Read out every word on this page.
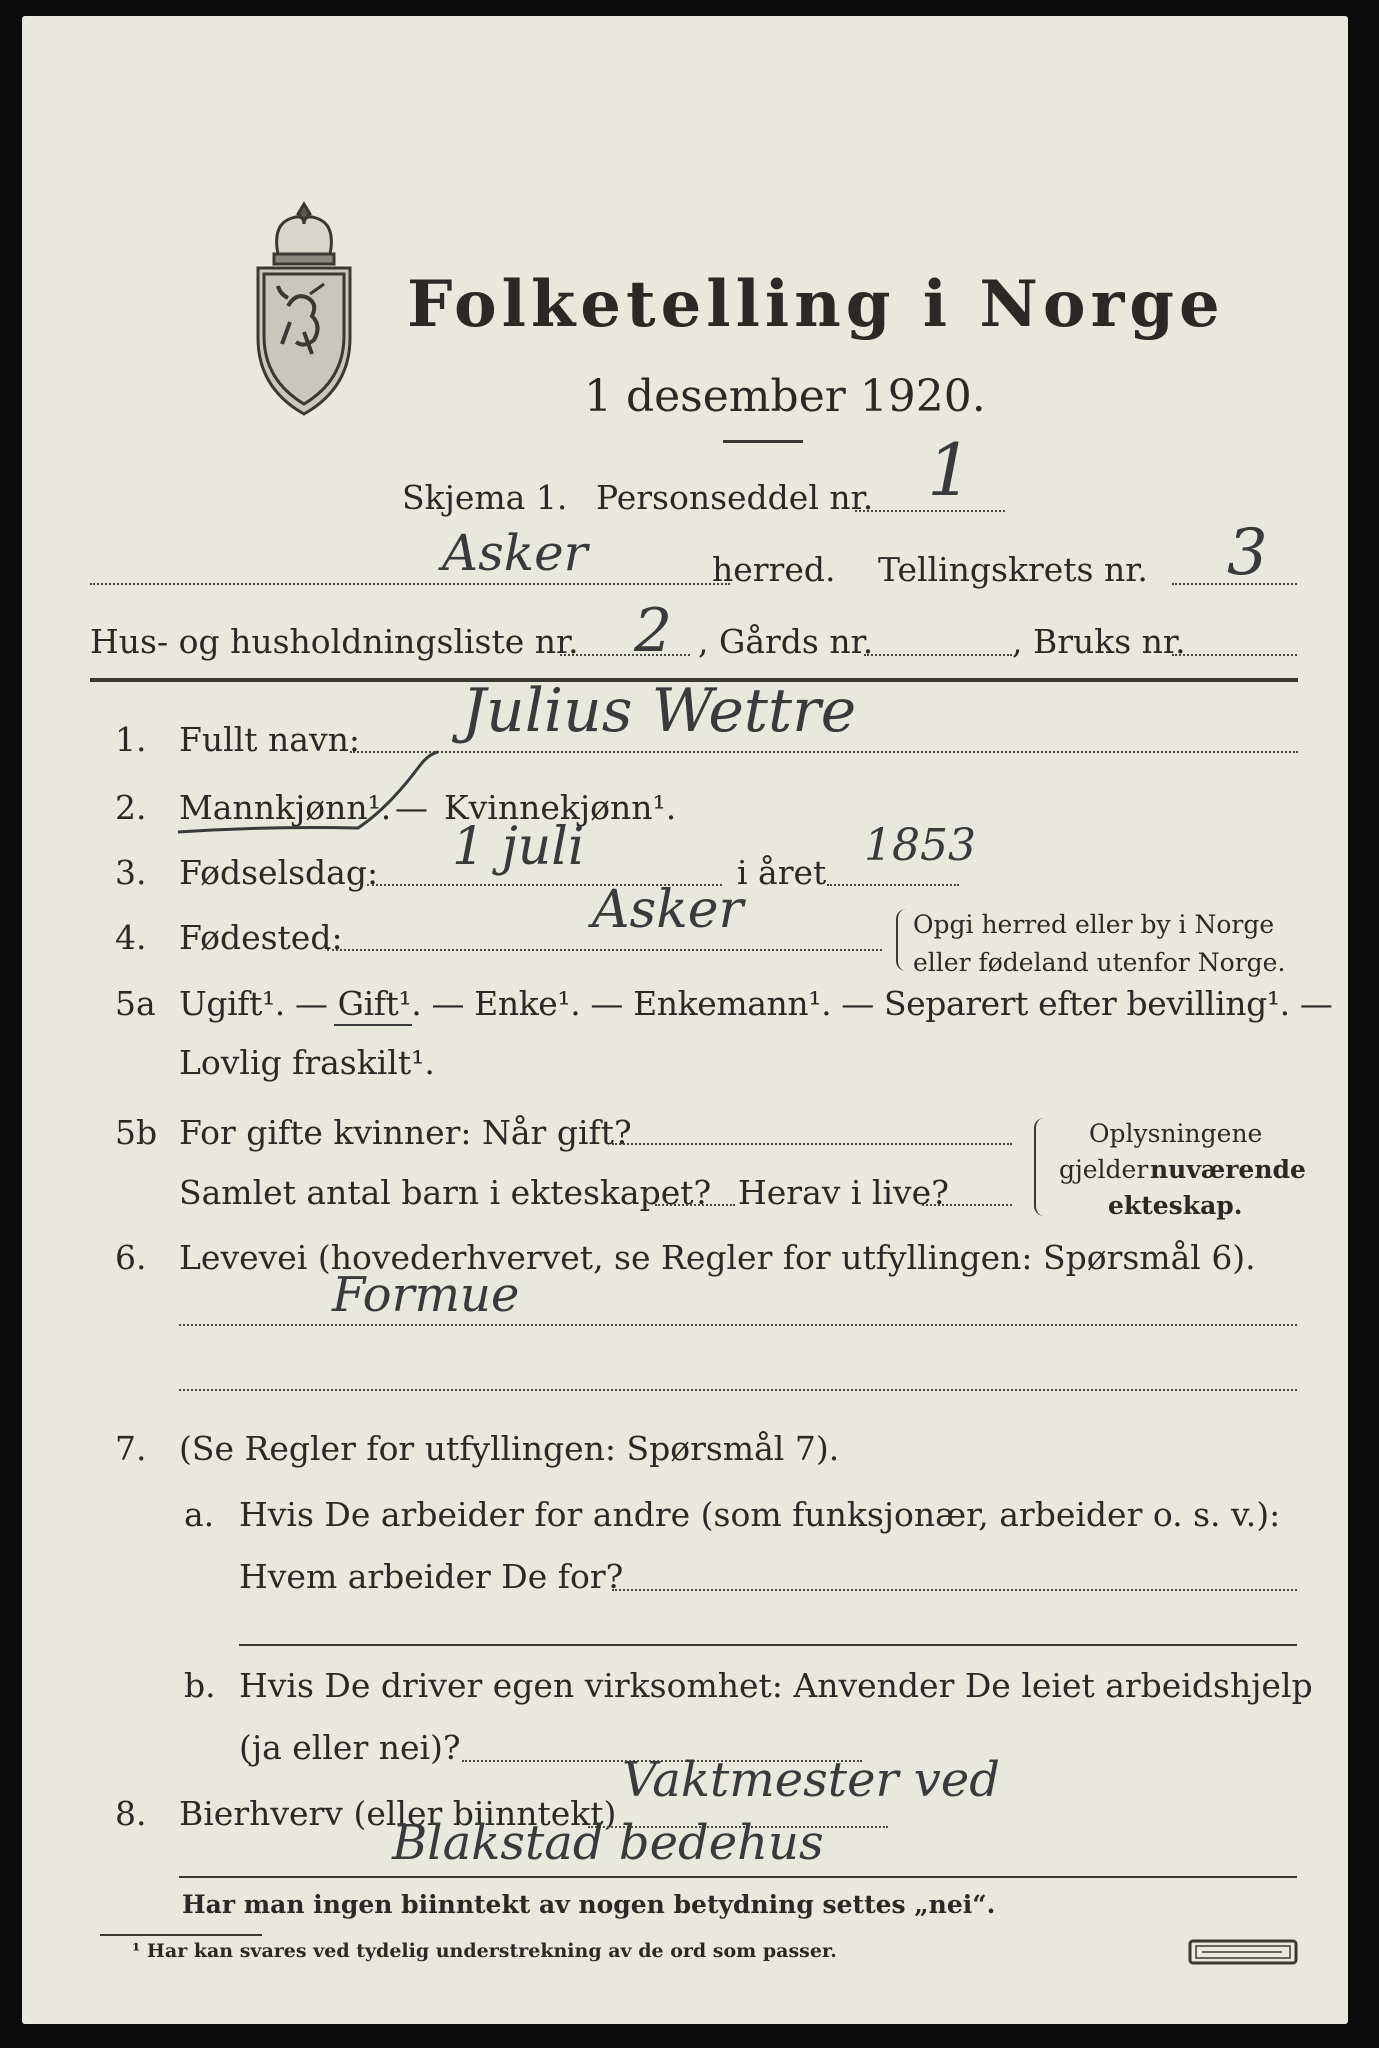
Folketelling i Norge
1 desember 1920.
Skjema 1. Personseddel nr. 1
Asker	herred. Tellingskrets nr. 3
Hus- og husholdningsliste nr. 2 , Gårds nr.	, Bruks nr.
1. Fullt navn: Julius Wettre
2. Mannkjønn¹. — Kvinnekjønn¹.
3. Fødselsdag: 1 juli	i året
1853
4. Fødested:	Asker	Opgi herred eller by i Norge
eller fødeland utenfor Norge.
5a Ugift¹. — Gift¹. — Enke¹. — Enkemann¹. — Separert efter bevilling¹. —
Lovlig fraskilt¹.
5b For gifte kvinner: Når gift?
Samlet antal barn i ekteskapet? Herav i live?
Oplysningene
gjelder nuværende
ekteskap.
6. Levevei (hovederhvervet, se Regler for utfyllingen: Spørsmål 6).
Formue
7. (Se Regler for utfyllingen: Spørsmål 7).
a. Hvis De arbeider for andre (som funksjonær, arbeider o. s. v.):
Hvem arbeider De for?
b. Hvis De driver egen virksomhet: Anvender De leiet arbeidshjelp
(ja eller nei)?
8. Bierhverv (eller biinntekt)
Vaktmester ved
Blakstad bedehus
Har man ingen biinntekt av nogen betydning settes „nei“.
¹ Har kan svares ved tydelig understrekning av de ord som passer.
